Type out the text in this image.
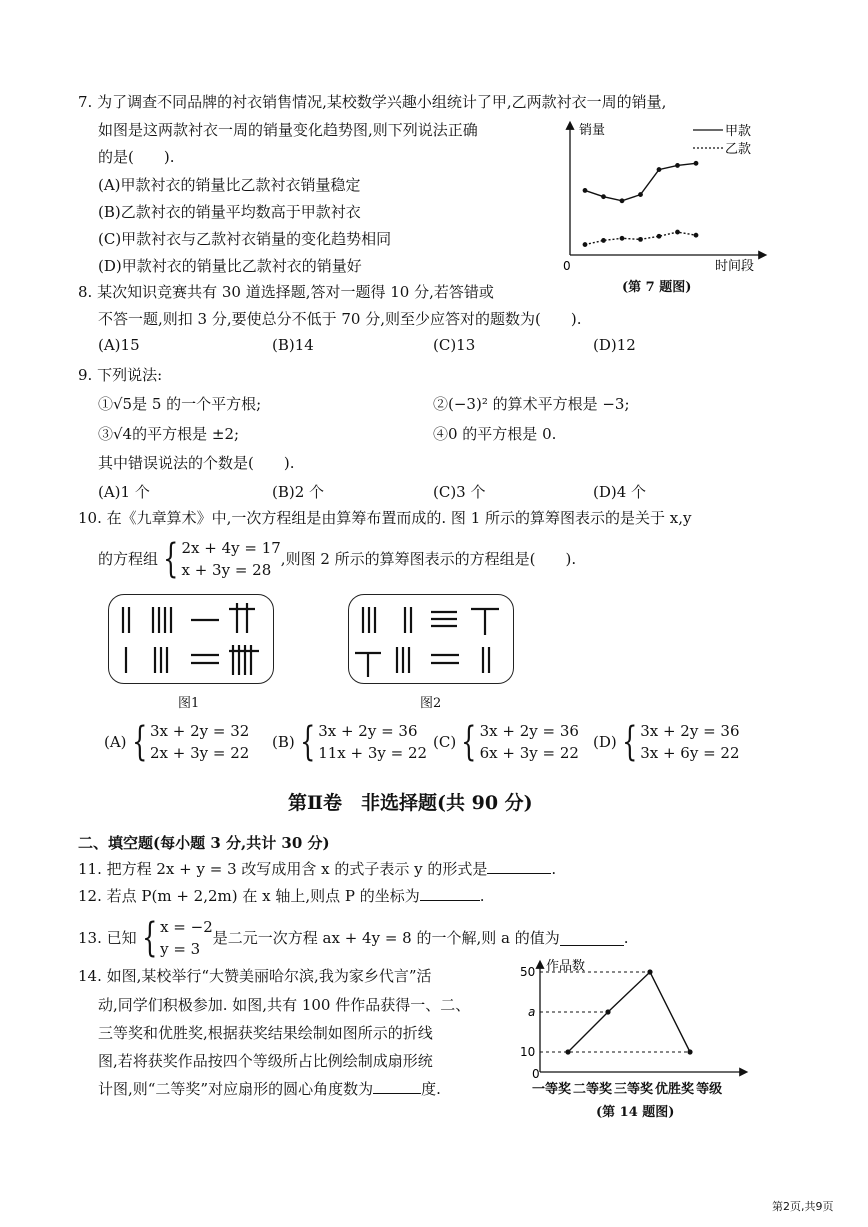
7. 为了调查不同品牌的衬衣销售情况,某校数学兴趣小组统计了甲,乙两款衬衣一周的销量,
如图是这两款衬衣一周的销量变化趋势图,则下列说法正确
的是(　　).
(A)甲款衬衣的销量比乙款衬衣销量稳定
(B)乙款衬衣的销量平均数高于甲款衬衣
(C)甲款衬衣与乙款衬衣销量的变化趋势相同
(D)甲款衬衣的销量比乙款衬衣的销量好
销量
时间段
0
甲款
乙款
(第 7 题图)
8. 某次知识竞赛共有 30 道选择题,答对一题得 10 分,若答错或
不答一题,则扣 3 分,要使总分不低于 70 分,则至少应答对的题数为(　　).
(A)15	(B)14	(C)13	(D)12
9. 下列说法:
①√5是 5 的一个平方根;	②(−3)² 的算术平方根是 −3;
③√4的平方根是 ±2;	④0 的平方根是 0.
其中错误说法的个数是(　　).
(A)1 个	(B)2 个	(C)3 个	(D)4 个
10. 在《九章算术》中,一次方程组是由算筹布置而成的. 图 1 所示的算筹图表示的是关于 x,y
的方程组 { 2x + 4y = 17
x + 3y = 28
,则图 2 所示的算筹图表示的方程组是(　　).
图1	图2
(A) { 3x + 2y = 32
2x + 3y = 22
(B) { 3x + 2y = 36
11x + 3y = 22
(C) { 3x + 2y = 36
6x + 3y = 22
(D) { 3x + 2y = 36
3x + 6y = 22
第Ⅱ卷　非选择题(共 90 分)
二、填空题(每小题 3 分,共计 30 分)
11. 把方程 2x + y = 3 改写成用含 x 的式子表示 y 的形式是	.
12. 若点 P(m + 2,2m) 在 x 轴上,则点 P 的坐标为	.
13. 已知 { x = −2
y = 3
是二元一次方程 ax + 4y = 8 的一个解,则 a 的值为	.
14. 如图,某校举行“大赞美丽哈尔滨,我为家乡代言”活
动,同学们积极参加. 如图,共有 100 件作品获得一、二、
三等奖和优胜奖,根据获奖结果绘制如图所示的折线
图,若将获奖作品按四个等级所占比例绘制成扇形统
计图,则“二等奖”对应扇形的圆心角度数为	度.
作品数
0
50
a
10
一等奖 二等奖 三等奖 优胜奖 等级
(第 14 题图)
第2页,共9页
